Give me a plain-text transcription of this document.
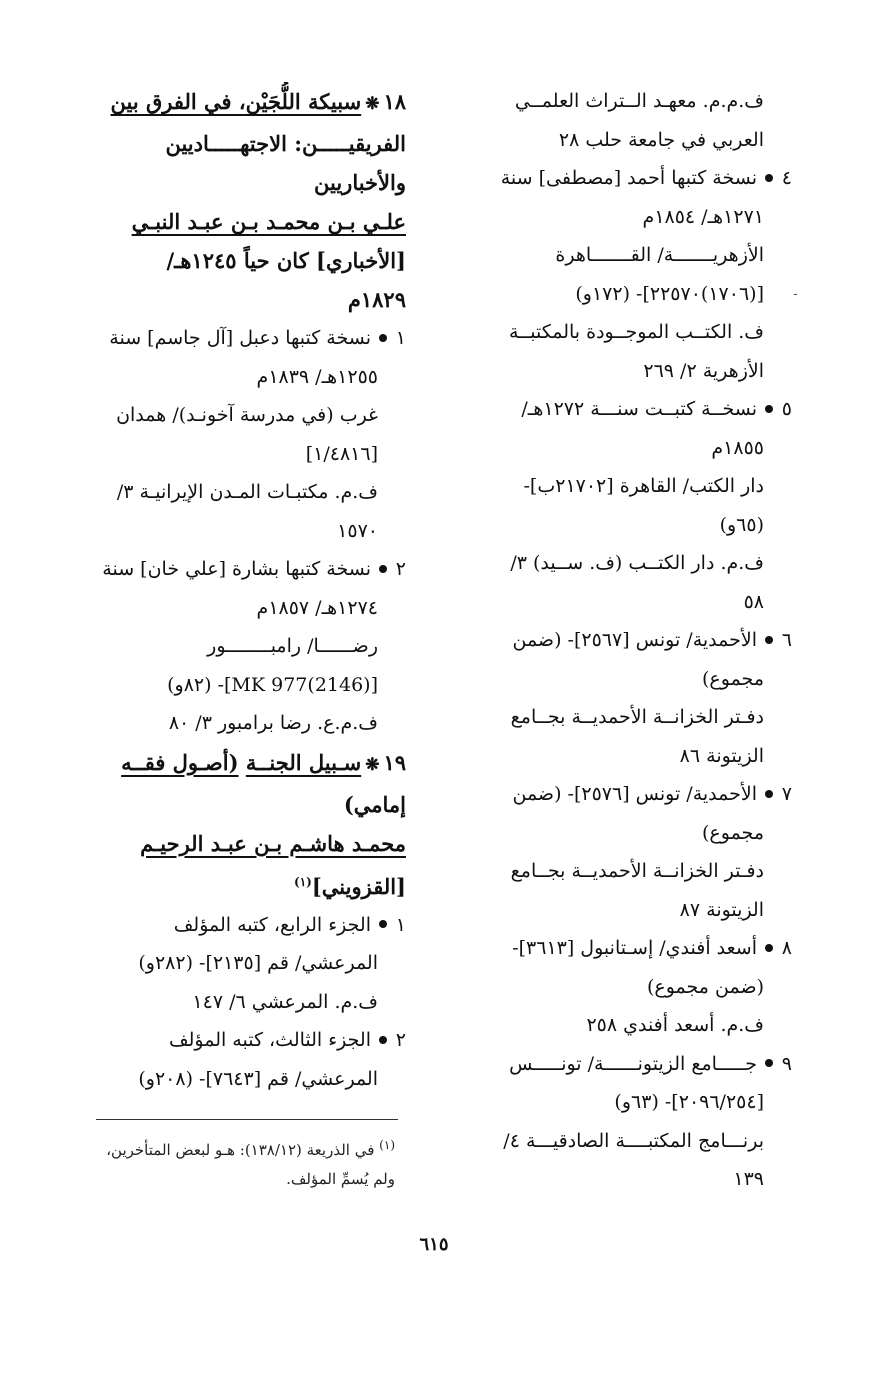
ف.م.م. معهـد الــتراث العلمــي
العربي في جامعة حلب ٢٨
٤نسخة كتبها أحمد [مصطفى] سنة
١٢٧١هـ/ ١٨٥٤م
الأزهريـــــــة/ القـــــــاهرة
[(١٧٠٦)٢٢٥٧٠]- (١٧٢و)
ف. الكتــب الموجــودة بالمكتبــة
الأزهرية ٢/ ٢٦٩
٥نسخــة كتبــت سنـــة ١٢٧٢هـ/
١٨٥٥م
دار الكتب/ القاهرة [٢١٧٠٢ب]-
(٦٥و)
ف.م. دار الكتــب (ف. ســيد) ٣/
٥٨
٦الأحمدية/ تونس [٢٥٦٧]- (ضمن
مجموع)
دفـتر الخزانــة الأحمديــة بجــامع
الزيتونة ٨٦
٧الأحمدية/ تونس [٢٥٧٦]- (ضمن
مجموع)
دفـتر الخزانــة الأحمديــة بجــامع
الزيتونة ٨٧
٨أسعد أفندي/ إسـتانبول [٣٦١٣]-
(ضمن مجموع)
ف.م. أسعد أفندي ٢٥٨
٩جـــــامع الزيتونــــــة/ تونـــــس
[٢٠٩٦/٢٥٤]- (٦٣و)
برنـــامج المكتبــــة الصادقيـــة ٤/
١٣٩
١٨❋سبيكة اللُّجَيْن، في الفرق بين
الفريقيـــــن: الاجتهـــــاديين
والأخباريين
علـي بـن محمـد بـن عبـد النبـي
[الأخباري] كان حياً ١٢٤٥هـ/
١٨٢٩م
١نسخة كتبها دعبل [آل جاسم] سنة
١٢٥٥هـ/ ١٨٣٩م
غرب (في مدرسة آخونـد)/ همدان
[١/٤٨١٦]
ف.م. مكتبـات المـدن الإيرانيـة ٣/
١٥٧٠
٢نسخة كتبها بشارة [علي خان] سنة
١٢٧٤هـ/ ١٨٥٧م
رضــــــا/ رامبــــــــور
[(2146)977 MK]- (٨٢و)
ف.م.ع. رضا برامبور ٣/ ٨٠
١٩❋سـبيل الجنــة (أصـول فقــه
إمامي)
محمـد هاشـم بـن عبـد الرحيـم
[القزويني]$^{(١)}$
١الجزء الرابع، كتبه المؤلف
المرعشي/ قم [٢١٣٥]- (٢٨٢و)
ف.م. المرعشي ٦/ ١٤٧
٢الجزء الثالث، كتبه المؤلف
المرعشي/ قم [٧٦٤٣]- (٢٠٨و)
$^{(١)}$ في الذريعة (١٣٨/١٢): هـو لبعض المتأخرين،
ولم يُسمِّ المؤلف.
٦١٥
-
